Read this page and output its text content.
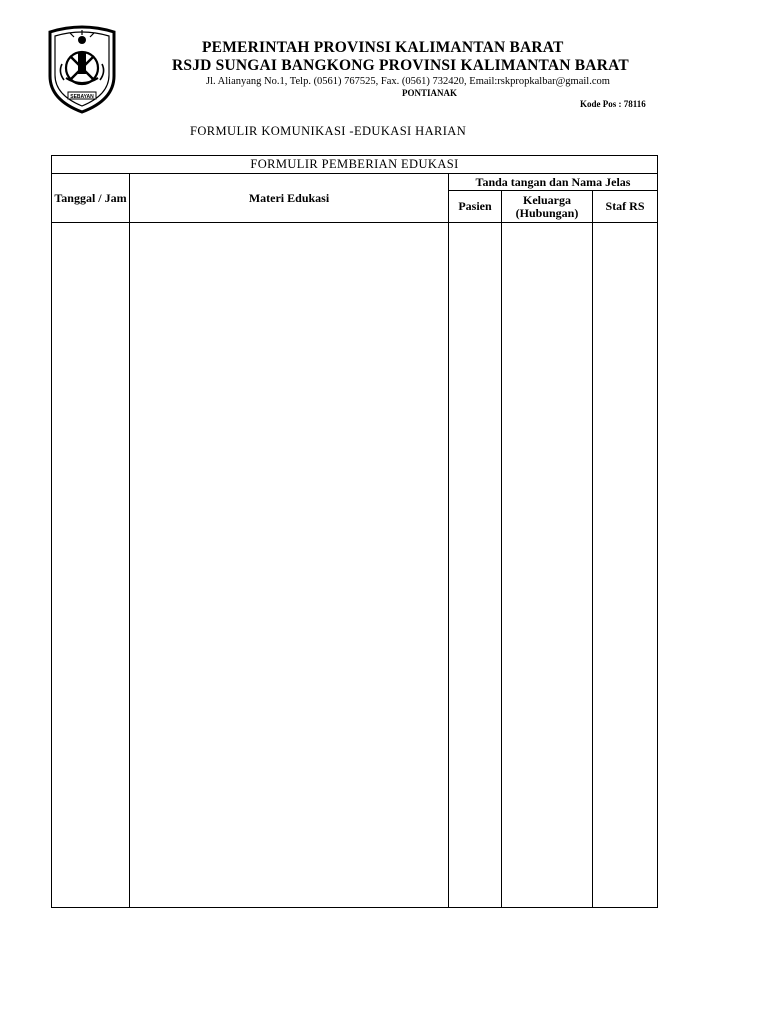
SEBAYAN
PEMERINTAH PROVINSI KALIMANTAN BARAT
RSJD SUNGAI BANGKONG PROVINSI KALIMANTAN BARAT
Jl. Alianyang No.1, Telp. (0561) 767525, Fax. (0561) 732420, Email:rskpropkalbar@gmail.com
PONTIANAK
Kode Pos : 78116
FORMULIR KOMUNIKASI -EDUKASI HARIAN
FORMULIR PEMBERIAN EDUKASI				
Tanggal / Jam	Materi Edukasi	Tanda tangan dan Nama Jelas		
		Pasien	Keluarga (Hubungan)	Staf RS
